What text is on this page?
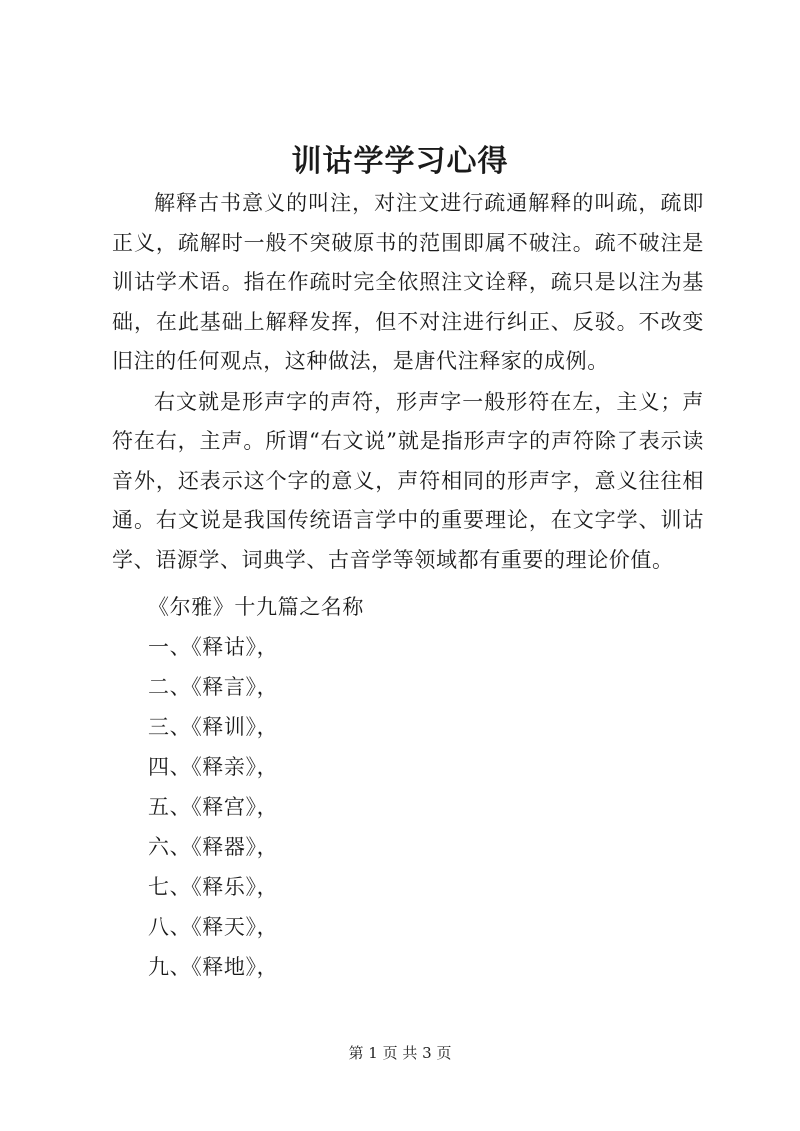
训诂学学习心得

解释古书意义的叫注，对注文进行疏通解释的叫疏，疏即正义，疏解时一般不突破原书的范围即属不破注。疏不破注是训诂学术语。指在作疏时完全依照注文诠释，疏只是以注为基础，在此基础上解释发挥，但不对注进行纠正、反驳。不改变旧注的任何观点，这种做法，是唐代注释家的成例。

右文就是形声字的声符，形声字一般形符在左，主义；声符在右，主声。所谓“右文说”就是指形声字的声符除了表示读音外，还表示这个字的意义，声符相同的形声字，意义往往相通。右文说是我国传统语言学中的重要理论，在文字学、训诂学、语源学、词典学、古音学等领域都有重要的理论价值。

《尔雅》十九篇之名称
一、《释诂》，
二、《释言》，
三、《释训》，
四、《释亲》，
五、《释宫》，
六、《释器》，
七、《释乐》，
八、《释天》，
九、《释地》，
第 1 页 共 3 页
